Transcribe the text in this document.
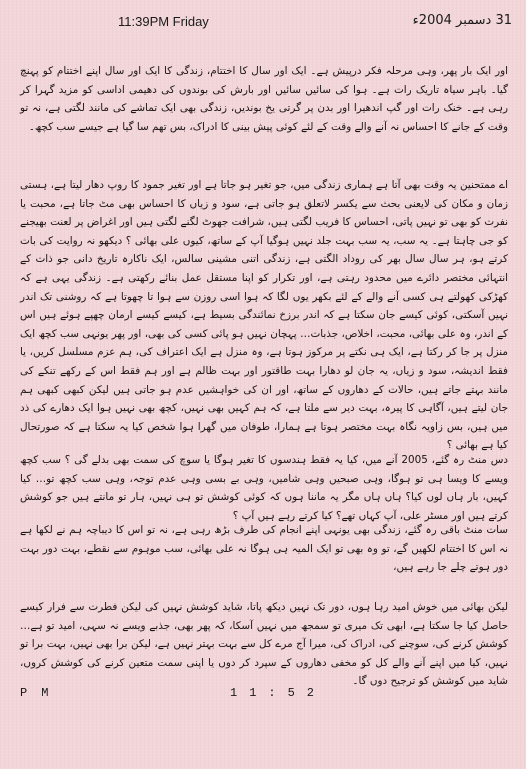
11:39PM Friday	31 دسمبر 2004ء

اور ایک بار پھر، وہی مرحلہ فکر درپیش ہے۔ ایک اور سال کا اختتام، زندگی کا ایک اور سال اپنے اختتام کو پہنچ گیا۔ باہر سیاہ تاریک رات ہے۔ ہوا کی سائیں سائیں اور بارش کی بوندوں کی دھیمی اداسی کو مزید گہرا کر رہی ہے۔ خنک رات اور گپ اندھیرا اور بدن پر گرتی یخ بوندیں، زندگی بھی ایک تماشے کی مانند لگتی ہے، نہ تو وقت کے جانے کا احساس نہ آنے والے وقت کے لئے کوئی پیش بینی کا ادراک، بس تھم سا گیا ہے جیسے سب کچھ۔

اے ممتحنین یہ وقت بھی آتا ہے ہماری زندگی میں، جو تغیر ہو جاتا ہے اور تغیر جمود کا روپ دھار لیتا ہے، ہستی زمان و مکان کی لایعنی بحث سے یکسر لاتعلق ہو جاتی ہے، سود و زیاں کا احساس بھی مٹ جاتا ہے، محبت یا نفرت کو بھی تو نہیں پاتی، احساس کا فریب لگتی ہیں، شرافت جھوٹ لگنے لگتی ہیں اور اغراض پر لعنت بھیجنے کو جی چاہتا ہے۔ یہ سب، یہ سب بہت جلد نہیں ہوگیا آپ کے ساتھ، کیوں علی بھائی ؟ دیکھو نہ روایت کی بات کرتے ہو، ہر سال سال بھر کی روداد الگتی ہے، زندگی اتنی مشینی سالس، ایک ناکارہ تاریخ دانی جو ذات کے انتہائی مختصر دائرے میں محدود رہتی ہے، اور تکرار کو اپنا مستقل عمل بنائے رکھتی ہے۔ زندگی یہی ہے کہ کھڑکی کھولتے ہی کسی آنے والے کے لئے بکھر یوں لگا کہ ہوا اسی روزن سے ہوا تا چھوتا ہے کہ روشنی تک اندر نہیں آسکتی، کوئی کیسے جان سکتا ہے کہ اندر برزخ نمائندگی بسیط ہے، کیسے کیسے ارمان چھپے ہوئے ہیں اس کے اندر، وہ علی بھائی، محبت، اخلاص، جذبات… پہچان نہیں ہو پائی کسی کی بھی، اور پھر یونہی سب کچھ ایک منزل پر جا کر رکتا ہے، ایک ہی نکتے پر مرکوز ہوتا ہے، وہ منزل ہے ایک اعتراف کی، ہم عزم مسلسل کریں، یا فقط اندیشہ، سود و زیاں، یہ جان لو دھارا بہت طاقتور اور بہت ظالم ہے اور ہم فقط اس کے رکھے تنکے کی مانند بہتے جاتے ہیں، حالات کے دھاروں کے ساتھ، اور ان کی خواہشیں عدم ہو جاتی ہیں لیکن کبھی کبھی ہم جان لیتے ہیں، آگاہی کا پیرہ، بہت دیر سے ملتا ہے، کہ ہم کہیں بھی نہیں، کچھ بھی نہیں ہوا ایک دھارے کی ذد میں ہیں، بس زاویہ نگاہ بہت مختصر ہوتا ہے ہمارا، طوفان میں گھرا ہوا شخص کیا یہ سکتا ہے کہ صورتحال کیا ہے بھائی ؟

دس منٹ رہ گئے، 2005 آنے میں، کیا یہ فقط ہندسوں کا تغیر ہوگا یا سوچ کی سمت بھی بدلے گی ؟ سب کچھ ویسے کا ویسا ہی تو ہوگا، وہی صبحیں وہی شامیں، وہی بے بسی وہی عدم توجہ، وہی سب کچھ تو… کیا کہیں، بار ہاں لوں کیا؟ ہاں ہاں مگر یہ ماننا ہوں کہ کوئی کوشش تو ہی نہیں، ہار تو مانتے ہیں جو کوشش کرتے ہیں اور مسٹر علی، آپ کہاں تھے؟ کیا کرتے رہے ہیں آپ ؟

سات منٹ باقی رہ گئے، زندگی بھی یونہی اپنے انجام کی طرف بڑھ رہی ہے، نہ تو اس کا دیباچہ ہم نے لکھا ہے نہ اس کا اختتام لکھیں گے، تو وہ بھی تو ایک المیہ ہی ہوگا نہ علی بھائی، سب موہوم سے نقطے، بہت دور بہت دور ہوتے چلے جا رہے ہیں،

لیکن بھائی میں خوش امید رہا ہوں، دور تک نہیں دیکھ پاتا، شاید کوشش نہیں کی لیکن فطرت سے فرار کیسے حاصل کیا جا سکتا ہے، ابھی تک میری تو سمجھ میں نہیں آسکا، کہ پھر بھی، جذبے ویسے نہ سہی، امید تو ہے… کوشش کرنے کی، سوچنے کی، ادراک کی، میرا آج مرے کل سے بہت بہتر نہیں ہے، لیکن برا بھی نہیں، بہت برا تو نہیں، کیا میں اپنے آنے والے کل کو مخفی دھاروں کے سپرد کر دوں یا اپنی سمت متعین کرنے کی کوشش کروں، شاید میں کوشش کو ترجیح دوں گا۔

PM	11:52
